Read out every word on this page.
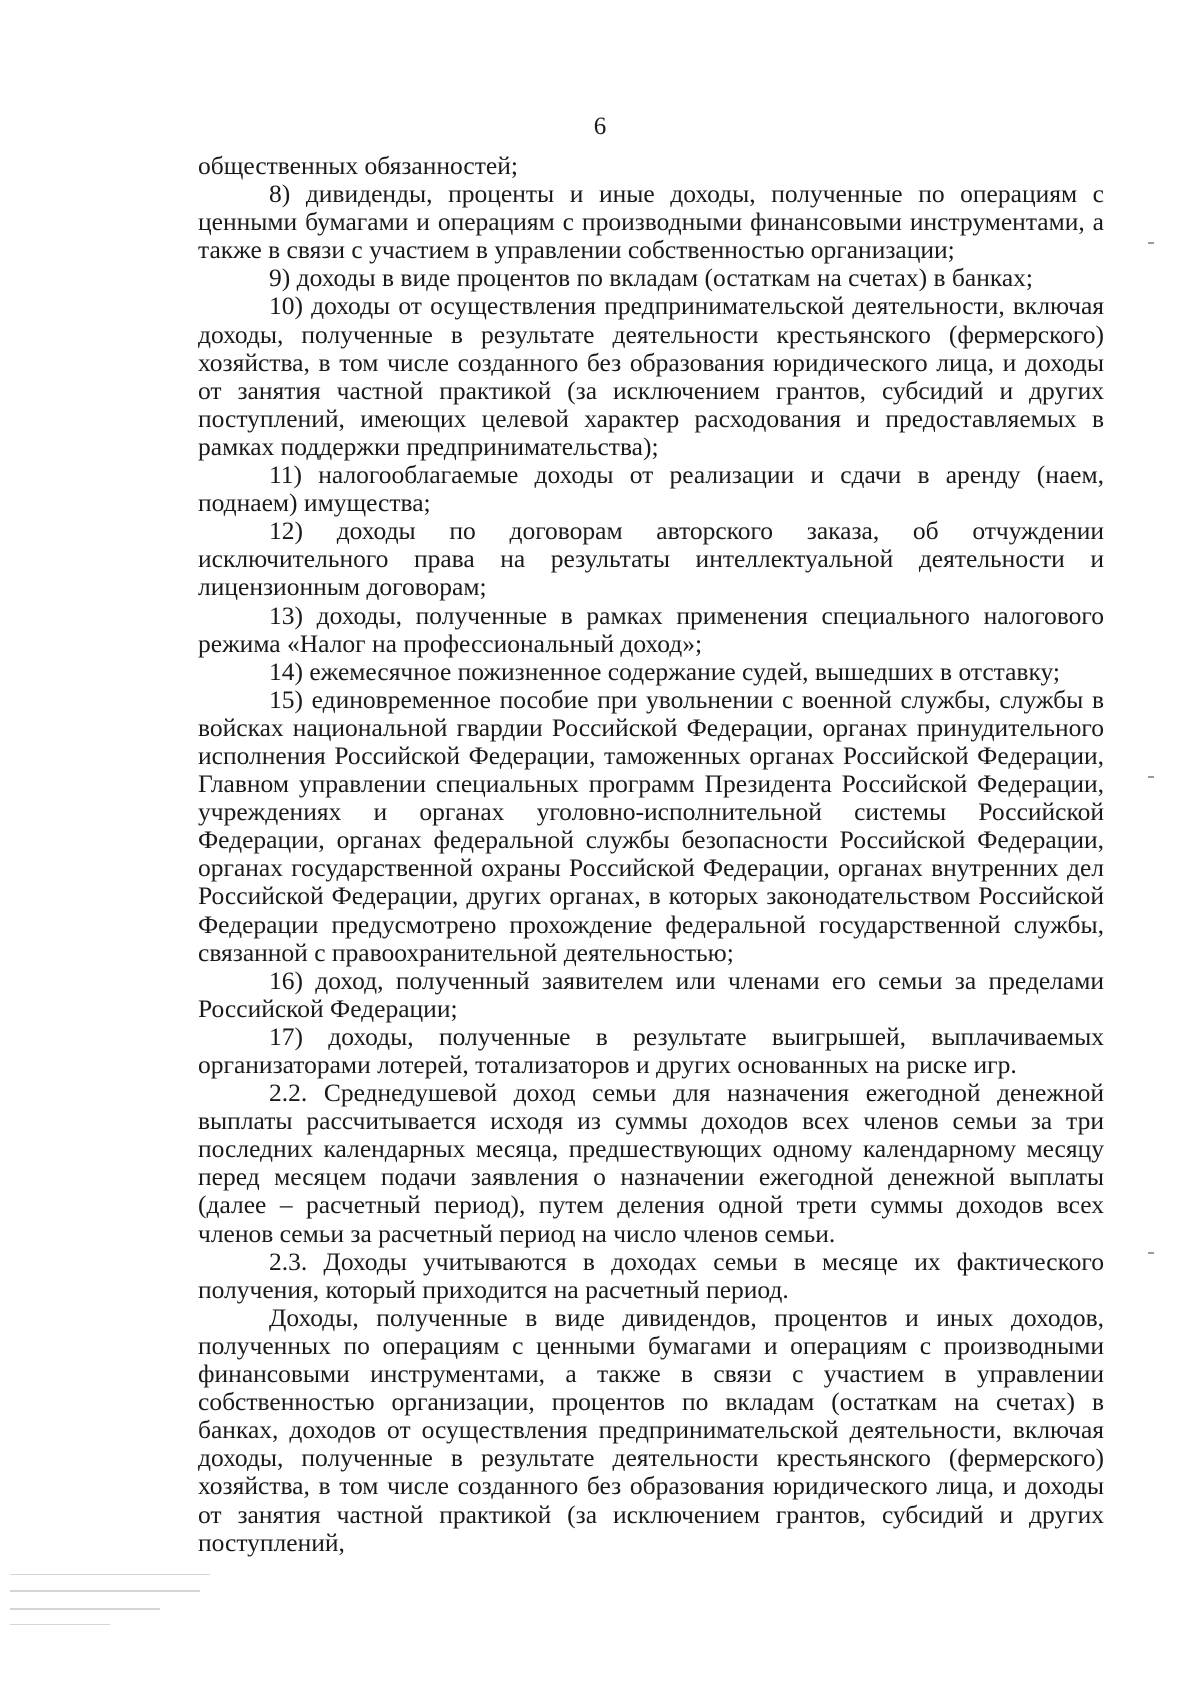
6

общественных обязанностей;

8) дивиденды, проценты и иные доходы, полученные по операциям с ценными бумагами и операциям с производными финансовыми инструментами, а также в связи с участием в управлении собственностью организации;

9) доходы в виде процентов по вкладам (остаткам на счетах) в банках;

10) доходы от осуществления предпринимательской деятельности, включая доходы, полученные в результате деятельности крестьянского (фермерского) хозяйства, в том числе созданного без образования юридического лица, и доходы от занятия частной практикой (за исключением грантов, субсидий и других поступлений, имеющих целевой характер расходования и предоставляемых в рамках поддержки предпринимательства);

11) налогооблагаемые доходы от реализации и сдачи в аренду (наем, поднаем) имущества;

12) доходы по договорам авторского заказа, об отчуждении исключительного права на результаты интеллектуальной деятельности и лицензионным договорам;

13) доходы, полученные в рамках применения специального налогового режима «Налог на профессиональный доход»;

14) ежемесячное пожизненное содержание судей, вышедших в отставку;

15) единовременное пособие при увольнении с военной службы, службы в войсках национальной гвардии Российской Федерации, органах принудительного исполнения Российской Федерации, таможенных органах Российской Федерации, Главном управлении специальных программ Президента Российской Федерации, учреждениях и органах уголовно-исполнительной системы Российской Федерации, органах федеральной службы безопасности Российской Федерации, органах государственной охраны Российской Федерации, органах внутренних дел Российской Федерации, других органах, в которых законодательством Российской Федерации предусмотрено прохождение федеральной государственной службы, связанной с правоохранительной деятельностью;

16) доход, полученный заявителем или членами его семьи за пределами Российской Федерации;

17) доходы, полученные в результате выигрышей, выплачиваемых организаторами лотерей, тотализаторов и других основанных на риске игр.

2.2. Среднедушевой доход семьи для назначения ежегодной денежной выплаты рассчитывается исходя из суммы доходов всех членов семьи за три последних календарных месяца, предшествующих одному календарному месяцу перед месяцем подачи заявления о назначении ежегодной денежной выплаты (далее – расчетный период), путем деления одной трети суммы доходов всех членов семьи за расчетный период на число членов семьи.

2.3. Доходы учитываются в доходах семьи в месяце их фактического получения, который приходится на расчетный период.

Доходы, полученные в виде дивидендов, процентов и иных доходов, полученных по операциям с ценными бумагами и операциям с производными финансовыми инструментами, а также в связи с участием в управлении собственностью организации, процентов по вкладам (остаткам на счетах) в банках, доходов от осуществления предпринимательской деятельности, включая доходы, полученные в результате деятельности крестьянского (фермерского) хозяйства, в том числе созданного без образования юридического лица, и доходы от занятия частной практикой (за исключением грантов, субсидий и других поступлений,
